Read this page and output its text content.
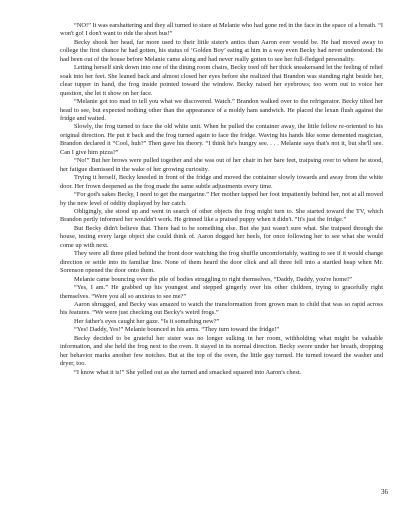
“NO!” It was earshattering and they all turned to stare at Melanie who had gone red in the face in the space of a breath. “I won't go! I don't want to ride the short bus!”

Becky shook her head, far more used to their little sister's antics than Aaron ever would be. He had moved away to college the first chance he had gotten, his status of ‘Golden Boy’ eating at him in a way even Becky had never understood. He had been out of the house before Melanie came along and had never really gotten to see her full-fledged personality.

Letting herself sink down into one of the dining room chairs, Becky toed off her thick sneakersand let the feeling of relief soak into her feet. She leaned back and almost closed her eyes before she realized that Brandon was standing right beside her, clear tupper in hand, the frog inside pointed toward the window. Becky raised her eyebrows; too worn out to voice her question, she let it show on her face.

“Melanie got too mad to tell you what we discovered. Watch.” Brandon walked over to the refrigerator. Becky tilted her head to see, but expected nothing other than the appearance of a moldy ham sandwich. He placed the lexan flush against the fridge and waited.

Slowly, the frog turned to face the old white unit. When he pulled the container away, the little fellow re-oriented to his original direction. He put it back and the frog turned again to face the fridge. Waving his hands like some demented magician, Brandon declared it “Cool, huh?” Then gave his theory. “I think he's hungry see. . . . Melanie says that's not it, but she'll see. Can I give him pizza?”

“No!” But her brows were pulled together and she was out of her chair in her bare feet, traipsing over to where he stood, her fatigue dismissed in the wake of her growing curiosity.

Trying it herself, Becky kneeled in front of the fridge and moved the container slowly towards and away from the white door. Her frown deepened as the frog made the same subtle adjustments every time.

“For god's sakes Becky, I need to get the margarine.” Her mother tapped her foot impatiently behind her, not at all moved by the new level of oddity displayed by her catch.

Obligingly, she stood up and went in search of other objects the frog might turn to. She started toward the TV, which Brandon pertly informed her wouldn't work. He grinned like a praised puppy when it didn't. “It's just the fridge.”

But Becky didn't believe that. There had to be something else. But she just wasn't sure what. She traipsed through the house, testing every large object she could think of. Aaron dogged her heels, for once following her to see what she would come up with next.

They were all three piled behind the front door watching the frog shuffle uncomfortably, waiting to see if it would change direction or settle into its familiar line. None of them heard the door click and all three fell into a startled heap when Mr. Sorenson opened the door onto them.

Melanie came bouncing over the pile of bodies struggling to right themselves, “Daddy, Daddy, you're home!”

“Yes, I am.” He grabbed up his youngest and stepped gingerly over his other children, trying to gracefully right themselves. “Were you all so anxious to see me?”

Aaron shrugged, and Becky was amazed to watch the transformation from grown man to child that was so rapid across his features. “We were just checking out Becky's weird frogs.”

Her father's eyes caught her gaze. “Is it something new?”

“Yes! Daddy, Yes!” Melanie bounced in his arms. “They turn toward the fridge!”

Becky decided to be grateful her sister was no longer sulking in her room, withholding what might be valuable information, and she held the frog next to the oven. It stayed in its normal direction. Becky swore under her breath, dropping her behavior marks another few notches. But at the top of the oven, the little guy turned. He turned toward the washer and dryer, too.

“I know what it is!” She yelled out as she turned and smacked squared into Aaron's chest.

36
